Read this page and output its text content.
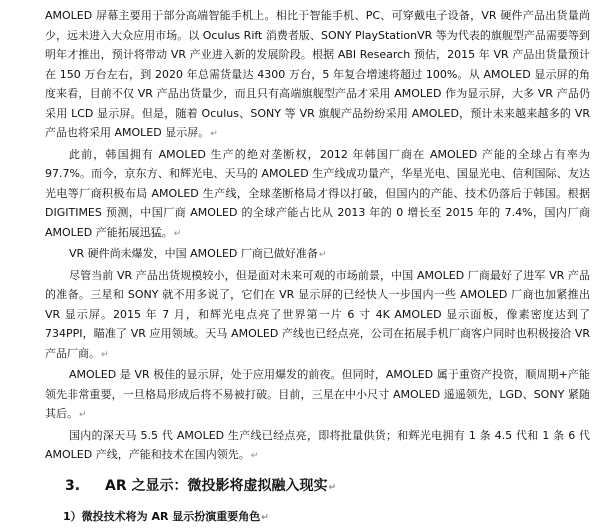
AMOLED 屏幕主要用于部分高端智能手机上。相比于智能手机、PC、可穿戴电子设备，VR 硬件产品出货量尚少，远未进入大众应用市场。以 Oculus Rift 消费者版、SONY PlayStationVR 等为代表的旗舰型产品需要等到明年才推出，预计将带动 VR 产业进入新的发展阶段。根据 ABI Research 预估，2015 年 VR 产品出货量预计在 150 万台左右，到 2020 年总需货量达 4300 万台，5 年复合增速将超过 100%。从 AMOLED 显示屏的角度来看，目前不仅 VR 产品出货量少，而且只有高端旗舰型产品才采用 AMOLED 作为显示屏，大多 VR 产品仍采用 LCD 显示屏。但是，随着 Oculus、SONY 等 VR 旗舰产品纷纷采用 AMOLED，预计未来越来越多的 VR 产品也将采用 AMOLED 显示屏。↵

此前，韩国拥有 AMOLED 生产的绝对垄断权，2012 年韩国厂商在 AMOLED 产能的全球占有率为 97.7%。而今，京东方、和辉光电、天马的 AMOLED 生产线成功量产，华星光电、国显光电、信利国际、友达光电等厂商积极布局 AMOLED 生产线，全球垄断格局才得以打破，但国内的产能、技术仍落后于韩国。根据 DIGITIMES 预测，中国厂商 AMOLED 的全球产能占比从 2013 年的 0 增长至 2015 年的 7.4%，国内厂商 AMOLED 产能拓展迅猛。↵

VR 硬件尚未爆发，中国 AMOLED 厂商已做好准备↵

尽管当前 VR 产品出货规模较小，但是面对未来可观的市场前景，中国 AMOLED 厂商最好了进军 VR 产品的准备。三星和 SONY 就不用多说了，它们在 VR 显示屏的已经快人一步国内一些 AMOLED 厂商也加紧推出 VR 显示屏。2015 年 7 月，和辉光电点亮了世界第一片 6 寸 4K AMOLED 显示面板，像素密度达到了 734PPI，瞄准了 VR 应用领域。天马 AMOLED 产线也已经点亮，公司在拓展手机厂商客户同时也积极接洽 VR 产品厂商。↵

AMOLED 是 VR 极佳的显示屏，处于应用爆发的前夜。但同时，AMOLED 属于重资产投资，顺周期+产能领先非常重要，一旦格局形成后将不易被打破。目前，三星在中小尺寸 AMOLED 遥遥领先，LGD、SONY 紧随其后。↵

国内的深天马 5.5 代 AMOLED 生产线已经点亮，即将批量供货；和辉光电拥有 1 条 4.5 代和 1 条 6 代 AMOLED 产线，产能和技术在国内领先。↵

3. AR 之显示：微投影将虚拟融入现实↵
1）微投技术将为 AR 显示扮演重要角色↵
